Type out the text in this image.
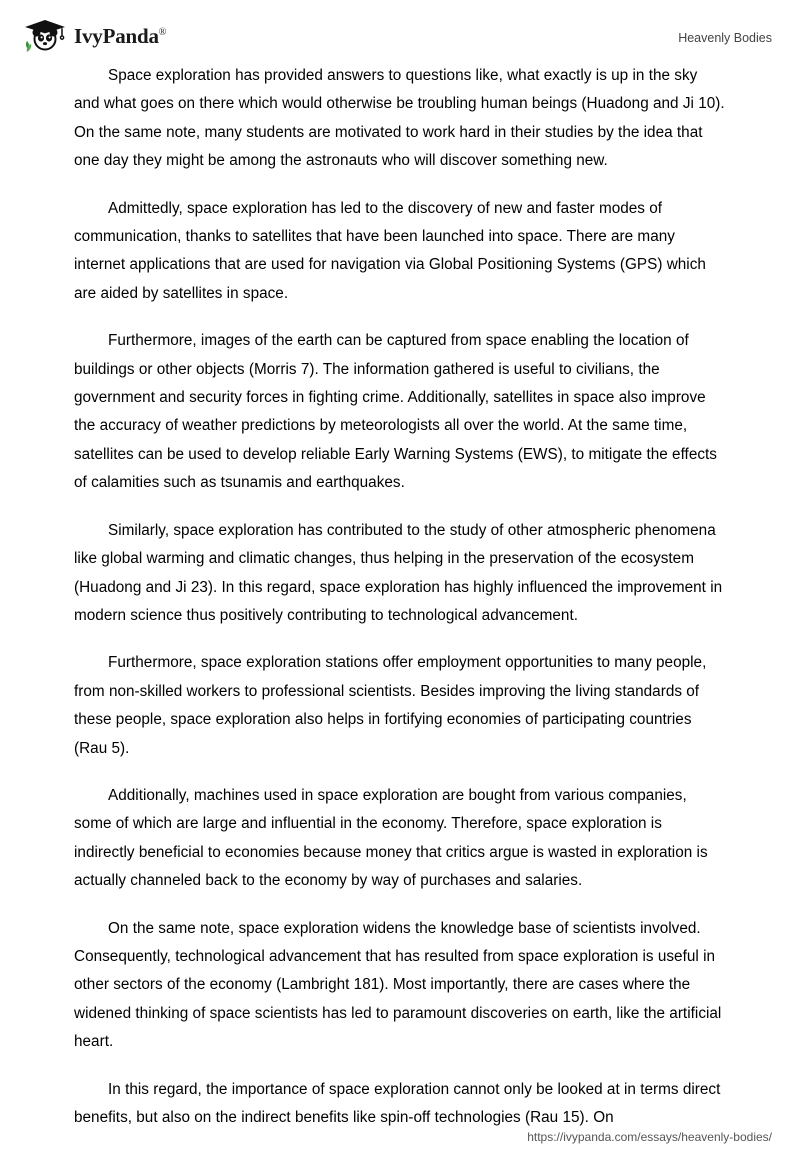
IvyPanda®	Heavenly Bodies

Space exploration has provided answers to questions like, what exactly is up in the sky and what goes on there which would otherwise be troubling human beings (Huadong and Ji 10). On the same note, many students are motivated to work hard in their studies by the idea that one day they might be among the astronauts who will discover something new.

Admittedly, space exploration has led to the discovery of new and faster modes of communication, thanks to satellites that have been launched into space. There are many internet applications that are used for navigation via Global Positioning Systems (GPS) which are aided by satellites in space.

Furthermore, images of the earth can be captured from space enabling the location of buildings or other objects (Morris 7). The information gathered is useful to civilians, the government and security forces in fighting crime. Additionally, satellites in space also improve the accuracy of weather predictions by meteorologists all over the world. At the same time, satellites can be used to develop reliable Early Warning Systems (EWS), to mitigate the effects of calamities such as tsunamis and earthquakes.

Similarly, space exploration has contributed to the study of other atmospheric phenomena like global warming and climatic changes, thus helping in the preservation of the ecosystem (Huadong and Ji 23). In this regard, space exploration has highly influenced the improvement in modern science thus positively contributing to technological advancement.

Furthermore, space exploration stations offer employment opportunities to many people, from non-skilled workers to professional scientists. Besides improving the living standards of these people, space exploration also helps in fortifying economies of participating countries (Rau 5).

Additionally, machines used in space exploration are bought from various companies, some of which are large and influential in the economy. Therefore, space exploration is indirectly beneficial to economies because money that critics argue is wasted in exploration is actually channeled back to the economy by way of purchases and salaries.

On the same note, space exploration widens the knowledge base of scientists involved. Consequently, technological advancement that has resulted from space exploration is useful in other sectors of the economy (Lambright 181). Most importantly, there are cases where the widened thinking of space scientists has led to paramount discoveries on earth, like the artificial heart.

In this regard, the importance of space exploration cannot only be looked at in terms direct benefits, but also on the indirect benefits like spin-off technologies (Rau 15). On

https://ivypanda.com/essays/heavenly-bodies/
